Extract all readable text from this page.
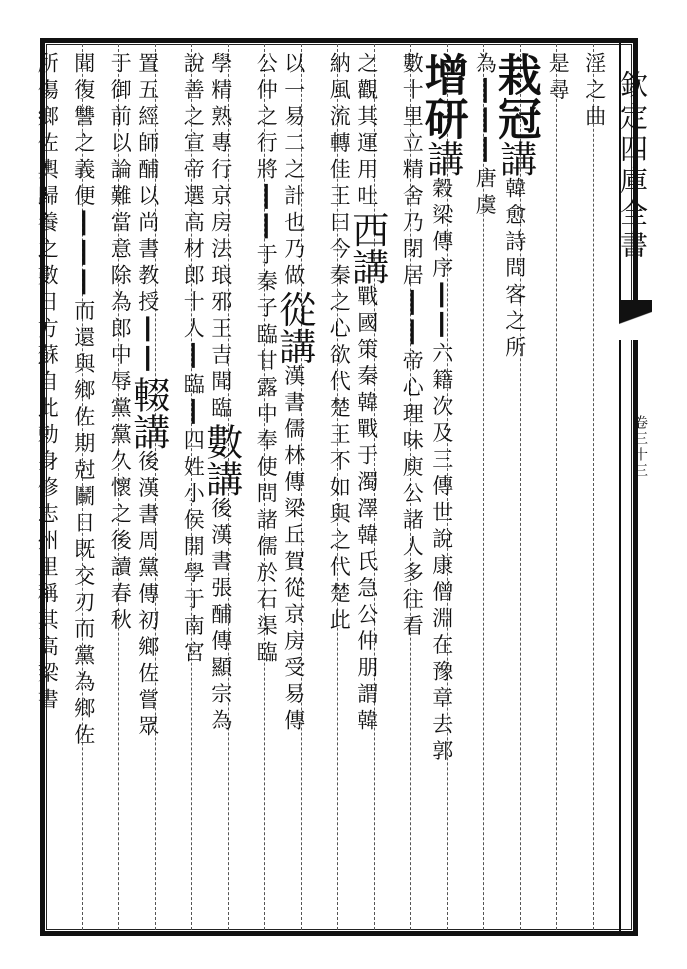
欽定四庫全書
卷三十三
淫之曲
是尋
栽冠講韓愈詩問客之所
為┃┃┃唐虞
增研講穀梁傳序┃┃六籍次及三傳世說康僧淵在豫章去郭
數十里立精舍乃閉居┃┃帝心理味庾公諸人多往看
之觀其運用吐西講戰國策秦韓戰于濁澤韓氏急公仲朋謂韓
納風流轉佳王曰今秦之心欲代楚王不如與之代楚此
以一易二之計也乃做從講漢書儒林傳梁丘賀從京房受易傳
公仲之行將┃┃于秦子臨甘露中奉使問諸儒於石渠臨
學精熟專行京房法琅邪王吉聞臨數講後漢書張酺傳顯宗為
說善之宣帝選高材郎十人┃臨┃四姓小侯開學于南宮
置五經師酺以尚書教授┃┃輟講後漢書周黨傳初鄉佐嘗眾
于御前以論難當意除為郎中辱黨黨久懷之後讀春秋
聞復讐之義便┃┃┃而還與鄉佐期尅鬭日既交刃而黨為鄉佐
所傷鄉佐輿歸養之數日方蘇自此勅身修志州里稱其高梁書
